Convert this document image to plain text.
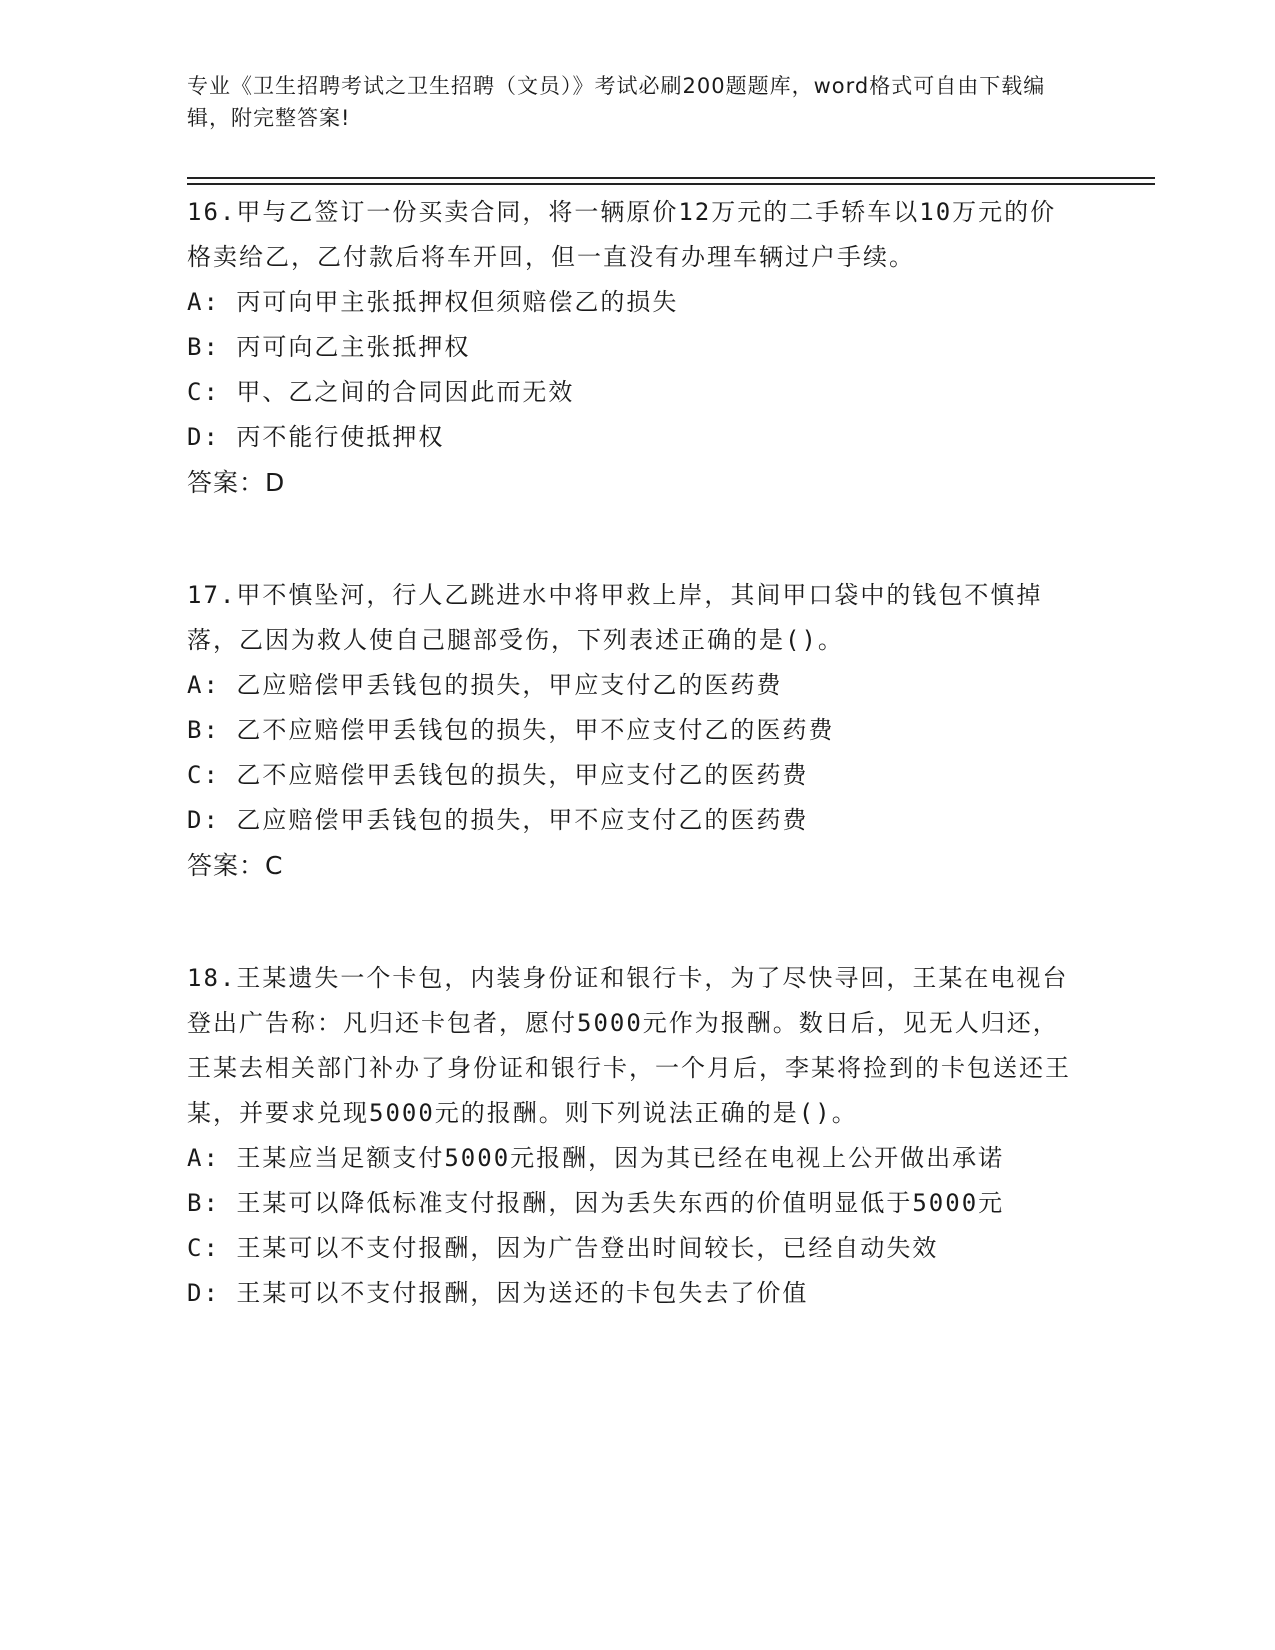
专业《卫生招聘考试之卫生招聘（文员）》考试必刷200题题库，word格式可自由下载编辑，附完整答案!
16.甲与乙签订一份买卖合同，将一辆原价12万元的二手轿车以10万元的价格卖给乙，乙付款后将车开回，但一直没有办理车辆过户手续。
A: 丙可向甲主张抵押权但须赔偿乙的损失
B: 丙可向乙主张抵押权
C: 甲、乙之间的合同因此而无效
D: 丙不能行使抵押权
答案：D
17.甲不慎坠河，行人乙跳进水中将甲救上岸，其间甲口袋中的钱包不慎掉落，乙因为救人使自己腿部受伤，下列表述正确的是()。
A: 乙应赔偿甲丢钱包的损失，甲应支付乙的医药费
B: 乙不应赔偿甲丢钱包的损失，甲不应支付乙的医药费
C: 乙不应赔偿甲丢钱包的损失，甲应支付乙的医药费
D: 乙应赔偿甲丢钱包的损失，甲不应支付乙的医药费
答案：C
18.王某遗失一个卡包，内装身份证和银行卡，为了尽快寻回，王某在电视台登出广告称：凡归还卡包者，愿付5000元作为报酬。数日后，见无人归还，王某去相关部门补办了身份证和银行卡，一个月后，李某将捡到的卡包送还王某，并要求兑现5000元的报酬。则下列说法正确的是()。
A: 王某应当足额支付5000元报酬，因为其已经在电视上公开做出承诺
B: 王某可以降低标准支付报酬，因为丢失东西的价值明显低于5000元
C: 王某可以不支付报酬，因为广告登出时间较长，已经自动失效
D: 王某可以不支付报酬，因为送还的卡包失去了价值
